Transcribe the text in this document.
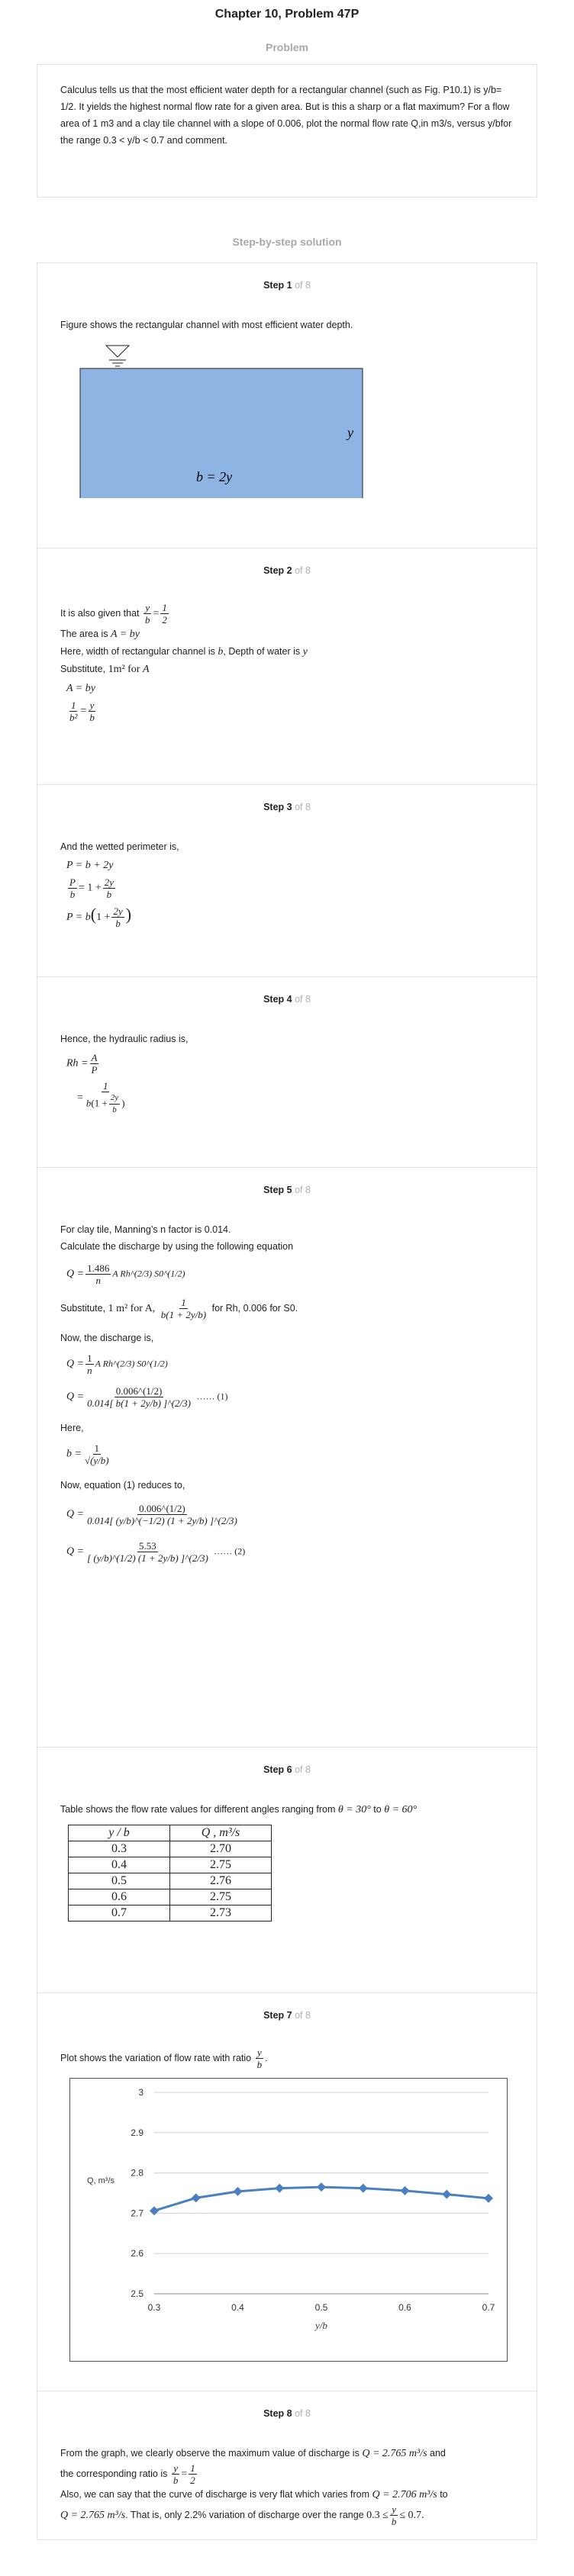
Chapter 10, Problem 47P
Problem

Calculus tells us that the most efficient water depth for a rectangular channel (such as Fig. P10.1) is y/b= 1/2. It yields the highest normal flow rate for a given area. But is this a sharp or a flat maximum? For a flow area of 1 m3 and a clay tile channel with a slope of 0.006, plot the normal flow rate Q,in m3/s, versus y/bfor the range 0.3 < y/b < 0.7 and comment.

Step-by-step solution
Step 1 of 8

Figure shows the rectangular channel with most efficient water depth.

y
b = 2y
Step 2 of 8

It is also given that $\frac{y}{b} = \frac{1}{2}$

The area is A = by

Here, width of rectangular channel is b, Depth of water is y

Substitute, 1m² for A

A = by
$\frac{1}{\text{b²}} = \frac{y}{b}$
Step 3 of 8

And the wetted perimeter is,

P = b + 2y
$\frac{P}{b} = 1 + \frac{2y}{b}$
$P = b(1 + \frac{2y}{b}$ )
Step 4 of 8

Hence, the hydraulic radius is,

$Rh = \frac{A}{P}$
= $\frac{1}{b(1 + \frac{2y}{b} )}$
Step 5 of 8

For clay tile, Manning’s n factor is 0.014.

Calculate the discharge by using the following equation

$Q = \frac{1.486}{n}$ A Rh^(2/3) S0^(1/2)

Substitute, 1 m² for A, $\frac{1}{b(1 + 2y/b)}$ for Rh, 0.006 for S0.

Now, the discharge is,

$Q = \frac{1}{n}$ A Rh^(2/3) S0^(1/2)
$Q = \frac{0.006\^{}(1/2)}{0.014[ b(1 + 2y/b) ]\^{}(2/3)}$ …… (1)

Here,

$b = \frac{1}{√(y/b)}$

Now, equation (1) reduces to,

$Q = \frac{0.006\^{}(1/2)}{0.014[ (y/b)\^{}(-1/2) (1 + 2y/b) ]\^{}(2/3)}$
$Q = \frac{5.53}{[ (y/b)\^{}(1/2) (1 + 2y/b) ]\^{}(2/3)}$ …… (2)
Step 6 of 8

Table shows the flow rate values for different angles ranging from θ = 30° to θ = 60°

y / b	Q , m³/s
0.3	2.70
0.4	2.75
0.5	2.76
0.6	2.75
0.7	2.73
Step 7 of 8

Plot shows the variation of flow rate with ratio $\frac{y}{b}$ .

2.5
2.6
2.7
2.8
2.9
3
0.3	0.4	0.5	0.6	0.7
y/b
Q, m³/s
Step 8 of 8

From the graph, we clearly observe the maximum value of discharge is Q = 2.765 m³/s and

the corresponding ratio is $\frac{y}{b} = \frac{1}{2}$

Also, we can say that the curve of discharge is very flat which varies from Q = 2.706 m³/s to

Q = 2.765 m³/s. That is, only 2.2% variation of discharge over the range $0.3 \le \frac{y}{b} \le 0.7$.
